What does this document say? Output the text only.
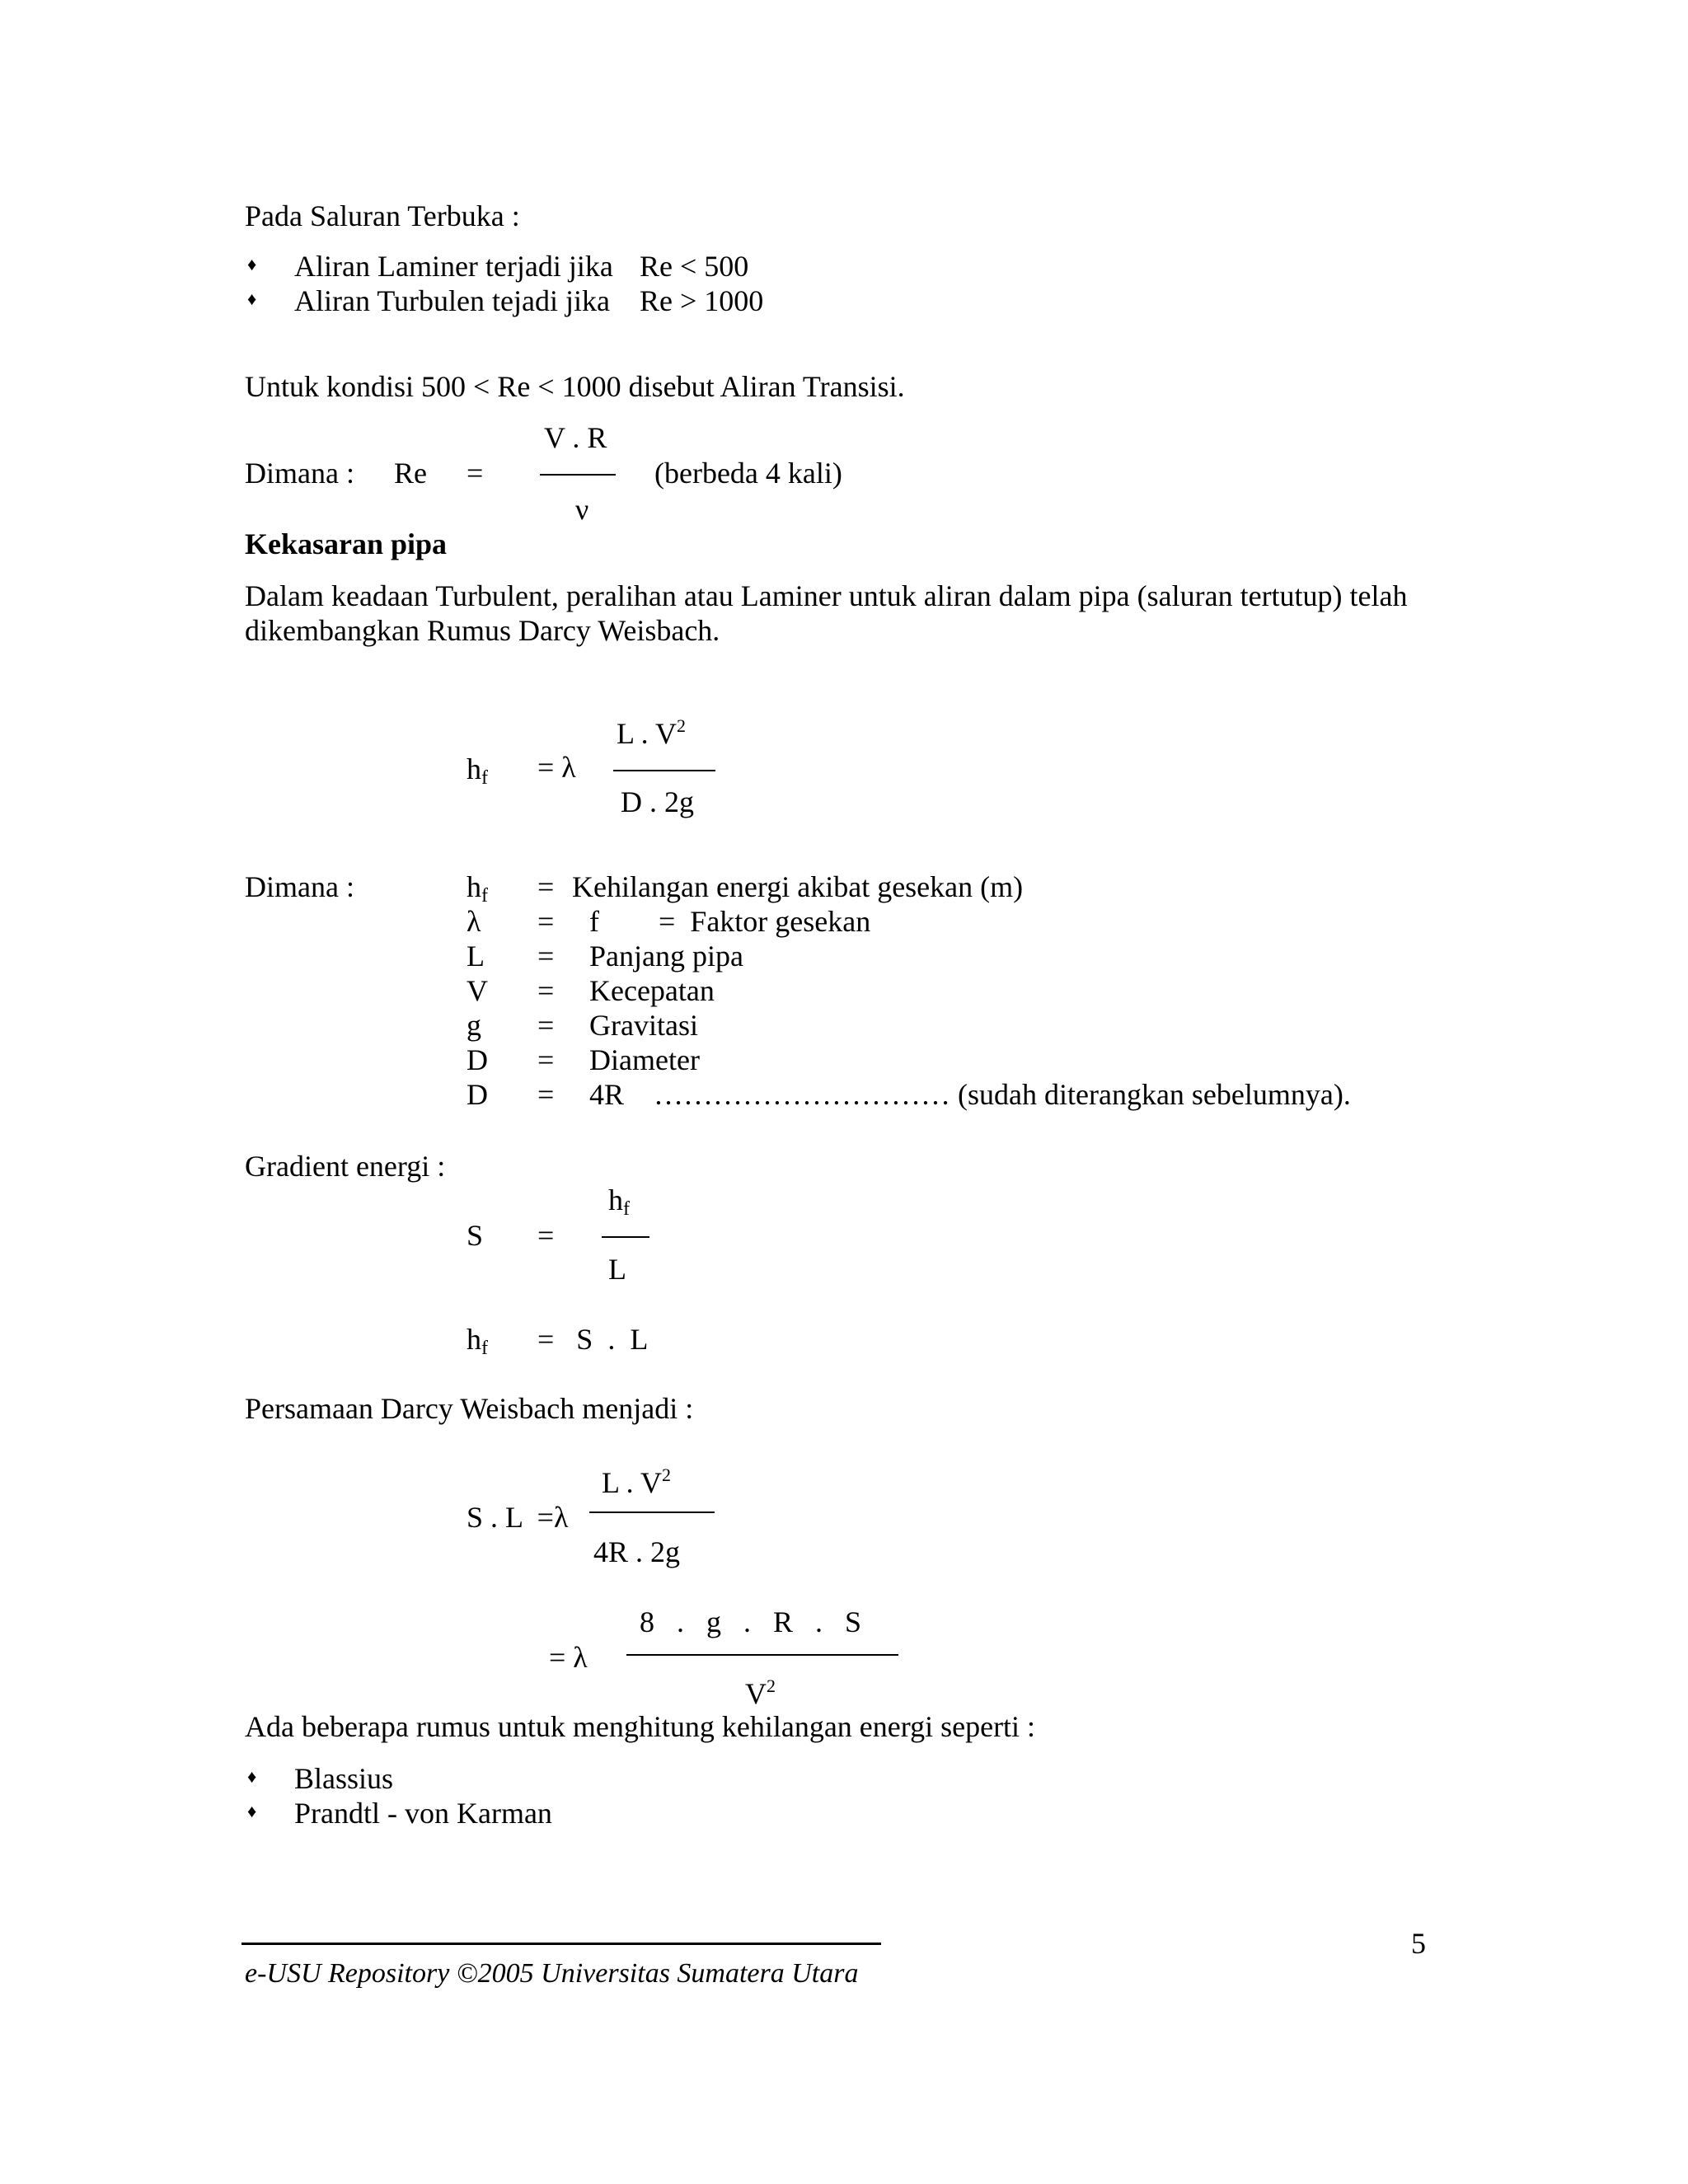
Pada Saluran Terbuka :
♦ Aliran Laminer terjadi jika Re < 500
♦ Aliran Turbulen tejadi jika Re > 1000
Untuk kondisi 500 < Re < 1000 disebut Aliran Transisi.
Dimana : Re =
V . R
ν
(berbeda 4 kali)
Kekasaran pipa
Dalam keadaan Turbulent, peralihan atau Laminer untuk aliran dalam pipa (saluran tertutup) telah
dikembangkan Rumus Darcy Weisbach.
$h_f = \lambda$
L . $V^2$
D . 2g
Dimana :	$h_f$ = Kehilangan energi akibat gesekan (m)
λ = f        =  Faktor gesekan
L = Panjang pipa
V = Kecepatan
g = Gravitasi
D = Diameter
D = 4R    ………………………… (sudah diterangkan sebelumnya).
Gradient energi :
S =
$h_f$
L
$h_f = S$  .  L
Persamaan Darcy Weisbach menjadi :
S . L  =λ
L . $V^2$
4R . 2g
= λ
8   .   g   .   R   .   S
$V^2$
Ada beberapa rumus untuk menghitung kehilangan energi seperti :
♦ Blassius
♦ Prandtl - von Karman
5
e-USU Repository ©2005 Universitas Sumatera Utara
